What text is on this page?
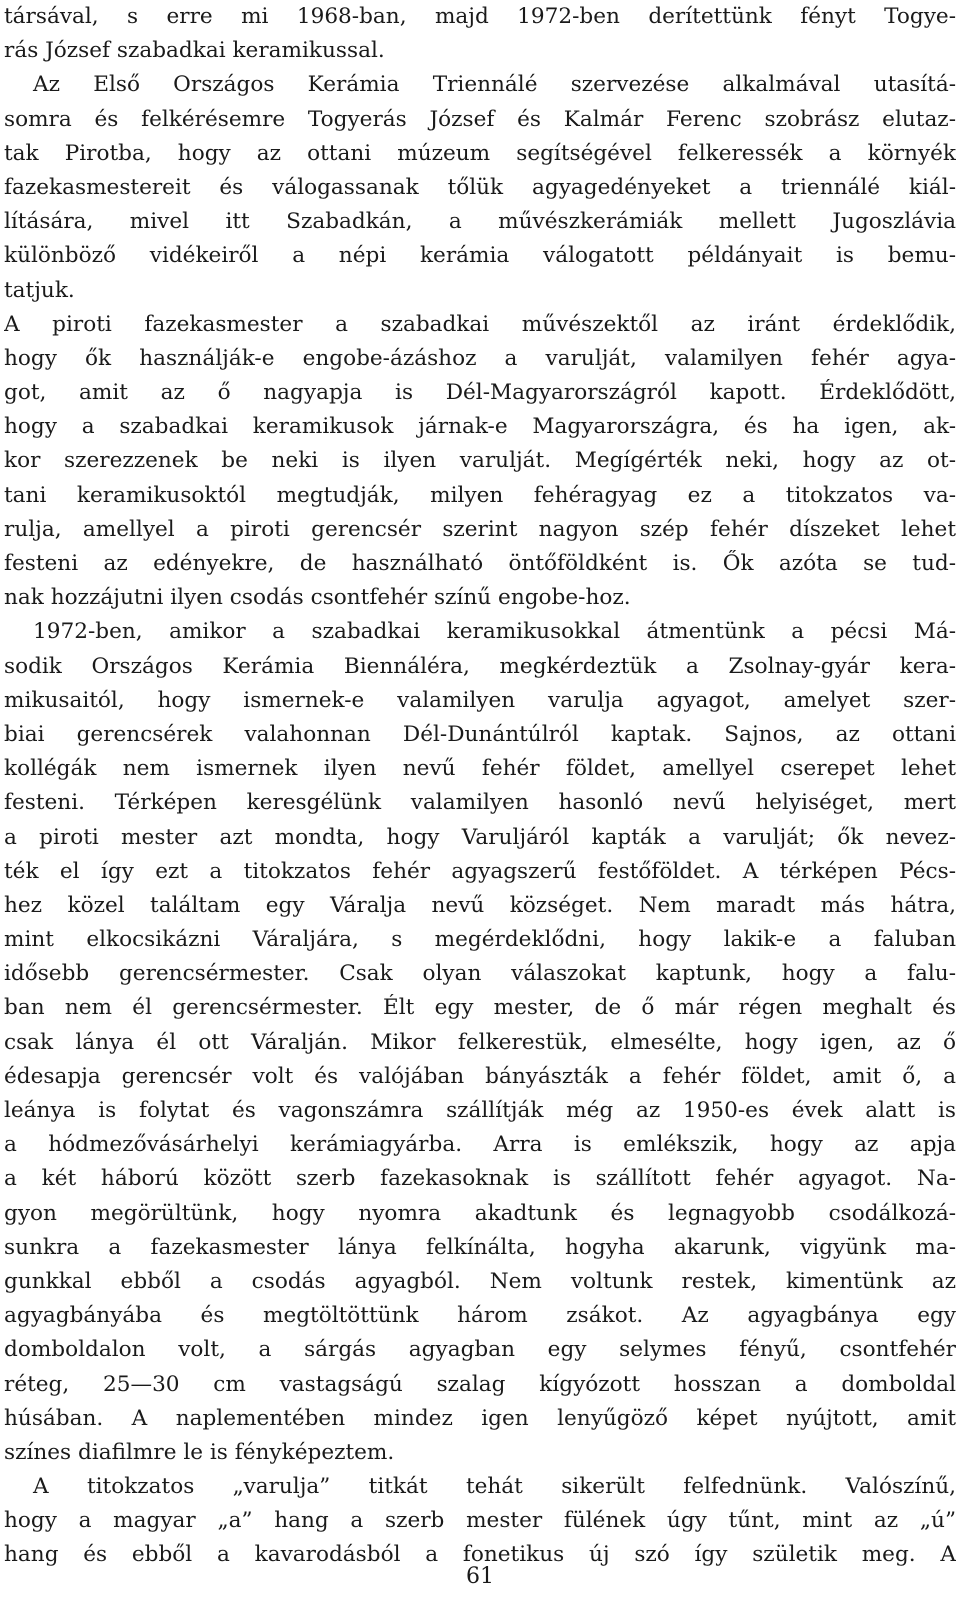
társával, s erre mi 1968-ban, majd 1972-ben derítettünk fényt Togye-
rás József szabadkai keramikussal.
Az Első Országos Kerámia Triennálé szervezése alkalmával utasítá-
somra és felkérésemre Togyerás József és Kalmár Ferenc szobrász elutaz-
tak Pirotba, hogy az ottani múzeum segítségével felkeressék a környék
fazekasmestereit és válogassanak tőlük agyagedényeket a triennálé kiál-
lítására, mivel itt Szabadkán, a művészkerámiák mellett Jugoszlávia
különböző vidékeiről a népi kerámia válogatott példányait is bemu-
tatjuk.
A piroti fazekasmester a szabadkai művészektől az iránt érdeklődik,
hogy ők használják-e engobe-ázáshoz a varulját, valamilyen fehér agya-
got, amit az ő nagyapja is Dél-Magyarországról kapott. Érdeklődött,
hogy a szabadkai keramikusok járnak-e Magyarországra, és ha igen, ak-
kor szerezzenek be neki is ilyen varulját. Megígérték neki, hogy az ot-
tani keramikusoktól megtudják, milyen fehéragyag ez a titokzatos va-
rulja, amellyel a piroti gerencsér szerint nagyon szép fehér díszeket lehet
festeni az edényekre, de használható öntőföldként is. Ők azóta se tud-
nak hozzájutni ilyen csodás csontfehér színű engobe-hoz.
1972-ben, amikor a szabadkai keramikusokkal átmentünk a pécsi Má-
sodik Országos Kerámia Biennáléra, megkérdeztük a Zsolnay-gyár kera-
mikusaitól, hogy ismernek-e valamilyen varulja agyagot, amelyet szer-
biai gerencsérek valahonnan Dél-Dunántúlról kaptak. Sajnos, az ottani
kollégák nem ismernek ilyen nevű fehér földet, amellyel cserepet lehet
festeni. Térképen keresgélünk valamilyen hasonló nevű helyiséget, mert
a piroti mester azt mondta, hogy Varuljáról kapták a varulját; ők nevez-
ték el így ezt a titokzatos fehér agyagszerű festőföldet. A térképen Pécs-
hez közel találtam egy Váralja nevű községet. Nem maradt más hátra,
mint elkocsikázni Váraljára, s megérdeklődni, hogy lakik-e a faluban
idősebb gerencsérmester. Csak olyan válaszokat kaptunk, hogy a falu-
ban nem él gerencsérmester. Élt egy mester, de ő már régen meghalt és
csak lánya él ott Váralján. Mikor felkerestük, elmesélte, hogy igen, az ő
édesapja gerencsér volt és valójában bányászták a fehér földet, amit ő, a
leánya is folytat és vagonszámra szállítják még az 1950-es évek alatt is
a hódmezővásárhelyi kerámiagyárba. Arra is emlékszik, hogy az apja
a két háború között szerb fazekasoknak is szállított fehér agyagot. Na-
gyon megörültünk, hogy nyomra akadtunk és legnagyobb csodálkozá-
sunkra a fazekasmester lánya felkínálta, hogyha akarunk, vigyünk ma-
gunkkal ebből a csodás agyagból. Nem voltunk restek, kimentünk az
agyagbányába és megtöltöttünk három zsákot. Az agyagbánya egy
domboldalon volt, a sárgás agyagban egy selymes fényű, csontfehér
réteg, 25—30 cm vastagságú szalag kígyózott hosszan a domboldal
húsában. A naplementében mindez igen lenyűgöző képet nyújtott, amit
színes diafilmre le is fényképeztem.
A titokzatos „varulja” titkát tehát sikerült felfednünk. Valószínű,
hogy a magyar „a” hang a szerb mester fülének úgy tűnt, mint az „ú”
hang és ebből a kavarodásból a fonetikus új szó így születik meg. A
61
